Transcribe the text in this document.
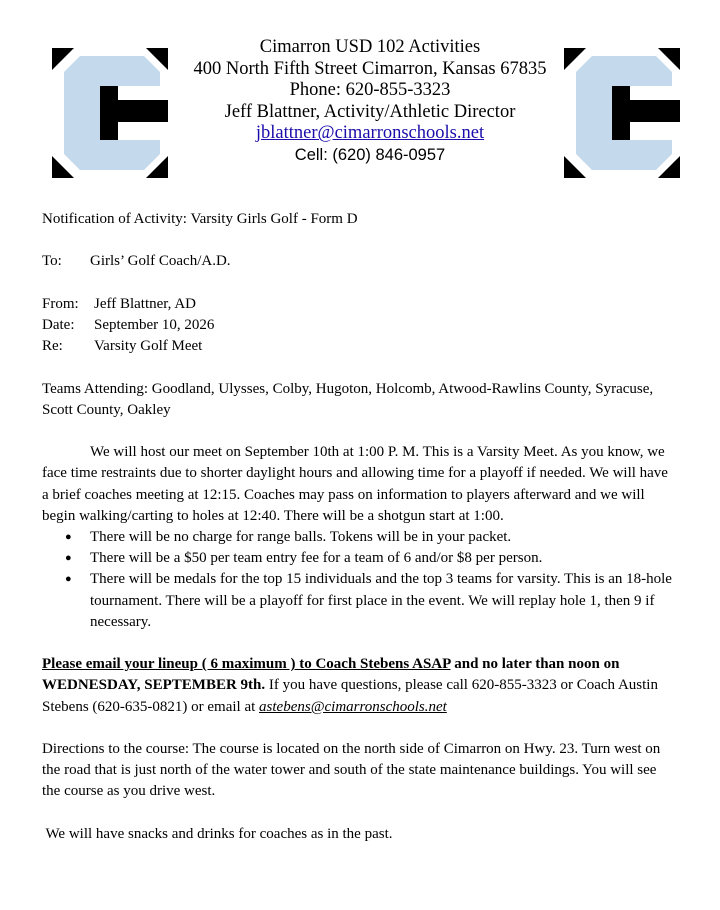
Cimarron USD 102 Activities
400 North Fifth Street Cimarron, Kansas 67835
Phone: 620-855-3323
Jeff Blattner, Activity/Athletic Director
jblattner@cimarronschools.net
Cell: (620) 846-0957
Notification of Activity: Varsity Girls Golf - Form D
To: Girls’ Golf Coach/A.D.
From: Jeff Blattner, AD
Date: September 10, 2026
Re: Varsity Golf Meet
Teams Attending: Goodland, Ulysses, Colby, Hugoton, Holcomb, Atwood-Rawlins County, Syracuse, Scott County, Oakley
We will host our meet on September 10th at 1:00 P. M. This is a Varsity Meet. As you know, we face time restraints due to shorter daylight hours and allowing time for a playoff if needed. We will have a brief coaches meeting at 12:15. Coaches may pass on information to players afterward and we will begin walking/carting to holes at 12:40. There will be a shotgun start at 1:00.
● There will be no charge for range balls. Tokens will be in your packet.
● There will be a $50 per team entry fee for a team of 6 and/or $8 per person.
● There will be medals for the top 15 individuals and the top 3 teams for varsity. This is an 18-hole tournament. There will be a playoff for first place in the event. We will replay hole 1, then 9 if necessary.
Please email your lineup ( 6 maximum ) to Coach Stebens ASAP and no later than noon on WEDNESDAY, SEPTEMBER 9th. If you have questions, please call 620-855-3323 or Coach Austin Stebens (620-635-0821) or email at astebens@cimarronschools.net
Directions to the course: The course is located on the north side of Cimarron on Hwy. 23. Turn west on the road that is just north of the water tower and south of the state maintenance buildings. You will see the course as you drive west.
We will have snacks and drinks for coaches as in the past.
